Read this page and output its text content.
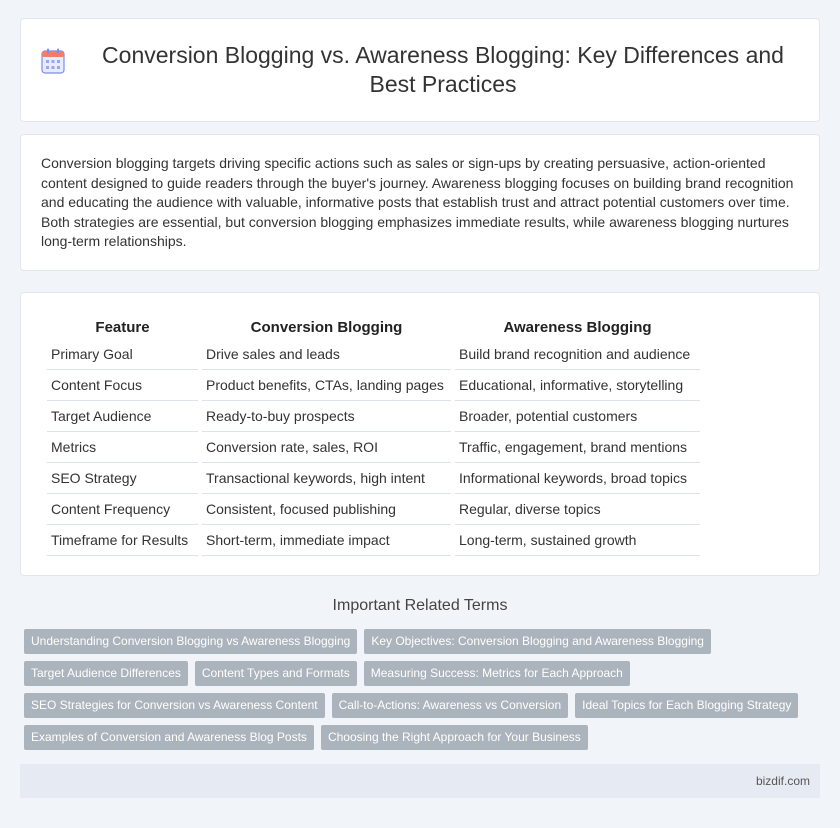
Conversion Blogging vs. Awareness Blogging: Key Differences and Best Practices

Conversion blogging targets driving specific actions such as sales or sign-ups by creating persuasive, action-oriented content designed to guide readers through the buyer's journey. Awareness blogging focuses on building brand recognition and educating the audience with valuable, informative posts that establish trust and attract potential customers over time. Both strategies are essential, but conversion blogging emphasizes immediate results, while awareness blogging nurtures long-term relationships.

Feature	Conversion Blogging	Awareness Blogging
Primary Goal	Drive sales and leads	Build brand recognition and audience
Content Focus	Product benefits, CTAs, landing pages	Educational, informative, storytelling
Target Audience	Ready-to-buy prospects	Broader, potential customers
Metrics	Conversion rate, sales, ROI	Traffic, engagement, brand mentions
SEO Strategy	Transactional keywords, high intent	Informational keywords, broad topics
Content Frequency	Consistent, focused publishing	Regular, diverse topics
Timeframe for Results	Short-term, immediate impact	Long-term, sustained growth
Important Related Terms
Understanding Conversion Blogging vs Awareness Blogging	Key Objectives: Conversion Blogging and Awareness Blogging
Target Audience Differences	Content Types and Formats	Measuring Success: Metrics for Each Approach
SEO Strategies for Conversion vs Awareness Content	Call-to-Actions: Awareness vs Conversion	Ideal Topics for Each Blogging Strategy
Examples of Conversion and Awareness Blog Posts	Choosing the Right Approach for Your Business
bizdif.com
